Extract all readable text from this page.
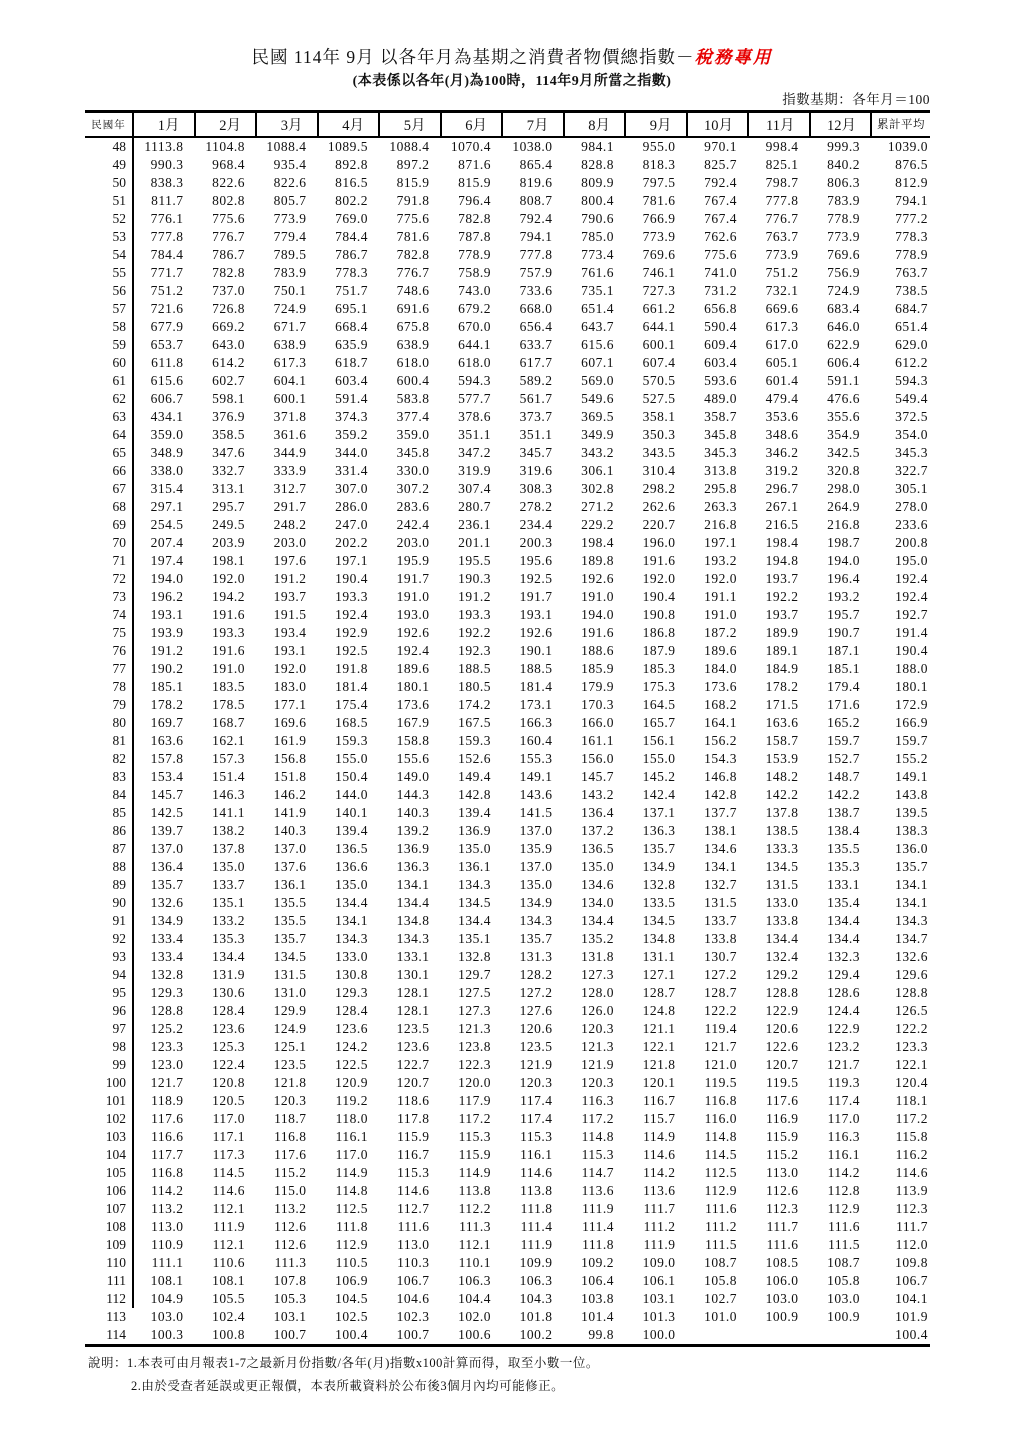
民國 114年 9月 以各年月為基期之消費者物價總指數－稅務專用
(本表係以各年(月)為100時，114年9月所當之指數)
指數基期：各年月＝100
民國年	1月	2月	3月	4月	5月	6月	7月	8月	9月	10月	11月	12月	累計平均
48	1113.8	1104.8	1088.4	1089.5	1088.4	1070.4	1038.0	984.1	955.0	970.1	998.4	999.3	1039.0
49	990.3	968.4	935.4	892.8	897.2	871.6	865.4	828.8	818.3	825.7	825.1	840.2	876.5
50	838.3	822.6	822.6	816.5	815.9	815.9	819.6	809.9	797.5	792.4	798.7	806.3	812.9
51	811.7	802.8	805.7	802.2	791.8	796.4	808.7	800.4	781.6	767.4	777.8	783.9	794.1
52	776.1	775.6	773.9	769.0	775.6	782.8	792.4	790.6	766.9	767.4	776.7	778.9	777.2
53	777.8	776.7	779.4	784.4	781.6	787.8	794.1	785.0	773.9	762.6	763.7	773.9	778.3
54	784.4	786.7	789.5	786.7	782.8	778.9	777.8	773.4	769.6	775.6	773.9	769.6	778.9
55	771.7	782.8	783.9	778.3	776.7	758.9	757.9	761.6	746.1	741.0	751.2	756.9	763.7
56	751.2	737.0	750.1	751.7	748.6	743.0	733.6	735.1	727.3	731.2	732.1	724.9	738.5
57	721.6	726.8	724.9	695.1	691.6	679.2	668.0	651.4	661.2	656.8	669.6	683.4	684.7
58	677.9	669.2	671.7	668.4	675.8	670.0	656.4	643.7	644.1	590.4	617.3	646.0	651.4
59	653.7	643.0	638.9	635.9	638.9	644.1	633.7	615.6	600.1	609.4	617.0	622.9	629.0
60	611.8	614.2	617.3	618.7	618.0	618.0	617.7	607.1	607.4	603.4	605.1	606.4	612.2
61	615.6	602.7	604.1	603.4	600.4	594.3	589.2	569.0	570.5	593.6	601.4	591.1	594.3
62	606.7	598.1	600.1	591.4	583.8	577.7	561.7	549.6	527.5	489.0	479.4	476.6	549.4
63	434.1	376.9	371.8	374.3	377.4	378.6	373.7	369.5	358.1	358.7	353.6	355.6	372.5
64	359.0	358.5	361.6	359.2	359.0	351.1	351.1	349.9	350.3	345.8	348.6	354.9	354.0
65	348.9	347.6	344.9	344.0	345.8	347.2	345.7	343.2	343.5	345.3	346.2	342.5	345.3
66	338.0	332.7	333.9	331.4	330.0	319.9	319.6	306.1	310.4	313.8	319.2	320.8	322.7
67	315.4	313.1	312.7	307.0	307.2	307.4	308.3	302.8	298.2	295.8	296.7	298.0	305.1
68	297.1	295.7	291.7	286.0	283.6	280.7	278.2	271.2	262.6	263.3	267.1	264.9	278.0
69	254.5	249.5	248.2	247.0	242.4	236.1	234.4	229.2	220.7	216.8	216.5	216.8	233.6
70	207.4	203.9	203.0	202.2	203.0	201.1	200.3	198.4	196.0	197.1	198.4	198.7	200.8
71	197.4	198.1	197.6	197.1	195.9	195.5	195.6	189.8	191.6	193.2	194.8	194.0	195.0
72	194.0	192.0	191.2	190.4	191.7	190.3	192.5	192.6	192.0	192.0	193.7	196.4	192.4
73	196.2	194.2	193.7	193.3	191.0	191.2	191.7	191.0	190.4	191.1	192.2	193.2	192.4
74	193.1	191.6	191.5	192.4	193.0	193.3	193.1	194.0	190.8	191.0	193.7	195.7	192.7
75	193.9	193.3	193.4	192.9	192.6	192.2	192.6	191.6	186.8	187.2	189.9	190.7	191.4
76	191.2	191.6	193.1	192.5	192.4	192.3	190.1	188.6	187.9	189.6	189.1	187.1	190.4
77	190.2	191.0	192.0	191.8	189.6	188.5	188.5	185.9	185.3	184.0	184.9	185.1	188.0
78	185.1	183.5	183.0	181.4	180.1	180.5	181.4	179.9	175.3	173.6	178.2	179.4	180.1
79	178.2	178.5	177.1	175.4	173.6	174.2	173.1	170.3	164.5	168.2	171.5	171.6	172.9
80	169.7	168.7	169.6	168.5	167.9	167.5	166.3	166.0	165.7	164.1	163.6	165.2	166.9
81	163.6	162.1	161.9	159.3	158.8	159.3	160.4	161.1	156.1	156.2	158.7	159.7	159.7
82	157.8	157.3	156.8	155.0	155.6	152.6	155.3	156.0	155.0	154.3	153.9	152.7	155.2
83	153.4	151.4	151.8	150.4	149.0	149.4	149.1	145.7	145.2	146.8	148.2	148.7	149.1
84	145.7	146.3	146.2	144.0	144.3	142.8	143.6	143.2	142.4	142.8	142.2	142.2	143.8
85	142.5	141.1	141.9	140.1	140.3	139.4	141.5	136.4	137.1	137.7	137.8	138.7	139.5
86	139.7	138.2	140.3	139.4	139.2	136.9	137.0	137.2	136.3	138.1	138.5	138.4	138.3
87	137.0	137.8	137.0	136.5	136.9	135.0	135.9	136.5	135.7	134.6	133.3	135.5	136.0
88	136.4	135.0	137.6	136.6	136.3	136.1	137.0	135.0	134.9	134.1	134.5	135.3	135.7
89	135.7	133.7	136.1	135.0	134.1	134.3	135.0	134.6	132.8	132.7	131.5	133.1	134.1
90	132.6	135.1	135.5	134.4	134.4	134.5	134.9	134.0	133.5	131.5	133.0	135.4	134.1
91	134.9	133.2	135.5	134.1	134.8	134.4	134.3	134.4	134.5	133.7	133.8	134.4	134.3
92	133.4	135.3	135.7	134.3	134.3	135.1	135.7	135.2	134.8	133.8	134.4	134.4	134.7
93	133.4	134.4	134.5	133.0	133.1	132.8	131.3	131.8	131.1	130.7	132.4	132.3	132.6
94	132.8	131.9	131.5	130.8	130.1	129.7	128.2	127.3	127.1	127.2	129.2	129.4	129.6
95	129.3	130.6	131.0	129.3	128.1	127.5	127.2	128.0	128.7	128.7	128.8	128.6	128.8
96	128.8	128.4	129.9	128.4	128.1	127.3	127.6	126.0	124.8	122.2	122.9	124.4	126.5
97	125.2	123.6	124.9	123.6	123.5	121.3	120.6	120.3	121.1	119.4	120.6	122.9	122.2
98	123.3	125.3	125.1	124.2	123.6	123.8	123.5	121.3	122.1	121.7	122.6	123.2	123.3
99	123.0	122.4	123.5	122.5	122.7	122.3	121.9	121.9	121.8	121.0	120.7	121.7	122.1
100	121.7	120.8	121.8	120.9	120.7	120.0	120.3	120.3	120.1	119.5	119.5	119.3	120.4
101	118.9	120.5	120.3	119.2	118.6	117.9	117.4	116.3	116.7	116.8	117.6	117.4	118.1
102	117.6	117.0	118.7	118.0	117.8	117.2	117.4	117.2	115.7	116.0	116.9	117.0	117.2
103	116.6	117.1	116.8	116.1	115.9	115.3	115.3	114.8	114.9	114.8	115.9	116.3	115.8
104	117.7	117.3	117.6	117.0	116.7	115.9	116.1	115.3	114.6	114.5	115.2	116.1	116.2
105	116.8	114.5	115.2	114.9	115.3	114.9	114.6	114.7	114.2	112.5	113.0	114.2	114.6
106	114.2	114.6	115.0	114.8	114.6	113.8	113.8	113.6	113.6	112.9	112.6	112.8	113.9
107	113.2	112.1	113.2	112.5	112.7	112.2	111.8	111.9	111.7	111.6	112.3	112.9	112.3
108	113.0	111.9	112.6	111.8	111.6	111.3	111.4	111.4	111.2	111.2	111.7	111.6	111.7
109	110.9	112.1	112.6	112.9	113.0	112.1	111.9	111.8	111.9	111.5	111.6	111.5	112.0
110	111.1	110.6	111.3	110.5	110.3	110.1	109.9	109.2	109.0	108.7	108.5	108.7	109.8
111	108.1	108.1	107.8	106.9	106.7	106.3	106.3	106.4	106.1	105.8	106.0	105.8	106.7
112	104.9	105.5	105.3	104.5	104.6	104.4	104.3	103.8	103.1	102.7	103.0	103.0	104.1
113	103.0	102.4	103.1	102.5	102.3	102.0	101.8	101.4	101.3	101.0	100.9	100.9	101.9
114	100.3	100.8	100.7	100.4	100.7	100.6	100.2	99.8	100.0				100.4
說明： 1.本表可由月報表1-7之最新月份指數/各年(月)指數x100計算而得，取至小數一位。
2.由於受查者延誤或更正報價，本表所載資料於公布後3個月內均可能修正。
